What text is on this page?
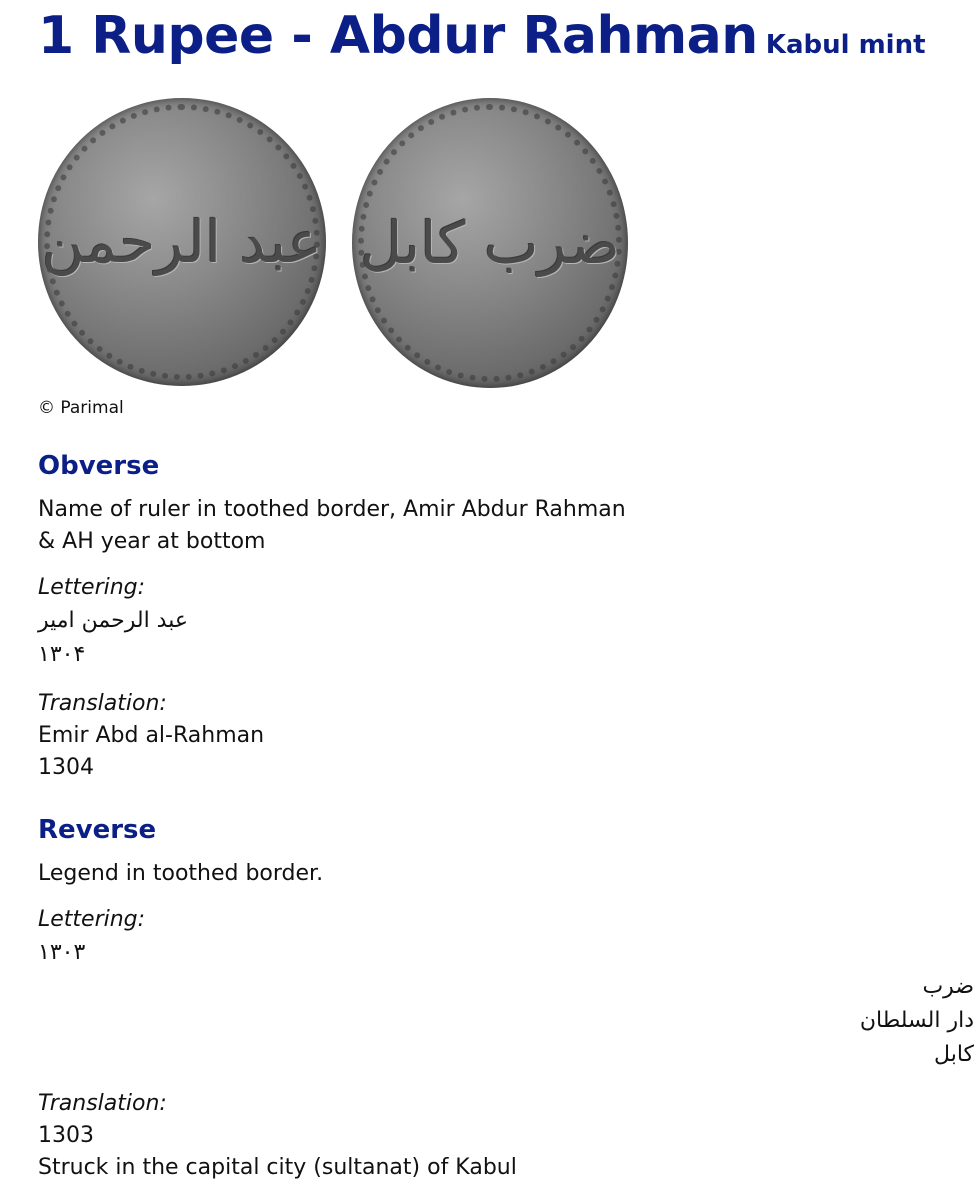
1 Rupee - Abdur Rahman Kabul mint
عبد الرحمن ضرب كابل

© Parimal

Obverse

Name of ruler in toothed border, Amir Abdur Rahman & AH year at bottom

Lettering:

عبد الرحمن امير

۱۳۰۴

Translation:

Emir Abd al-Rahman

1304

Reverse

Legend in toothed border.

Lettering:

۱۳۰۳

ضرب

دار السلطان

كابل

Translation:

1303

Struck in the capital city (sultanat) of Kabul
